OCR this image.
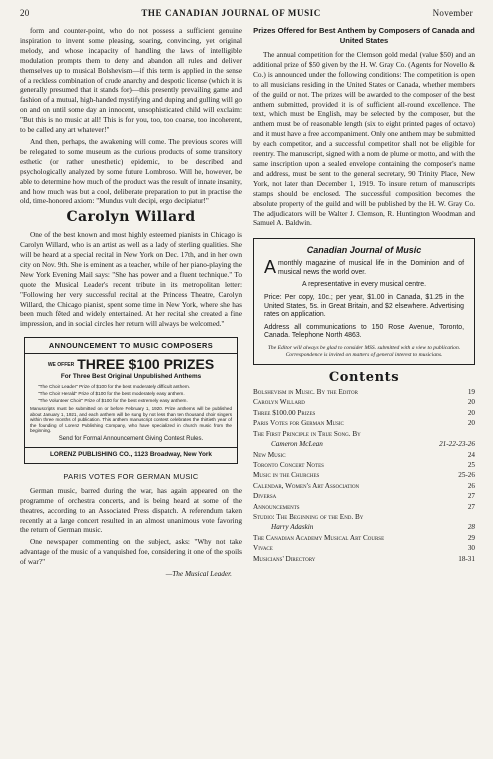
20	THE CANADIAN JOURNAL OF MUSIC	November

form and counter-point, who do not possess a sufficient genuine inspiration to invent some pleasing, soaring, convincing, yet original melody, and whose incapacity of handling the laws of intelligible modulation prompts them to deny and abandon all rules and deliver themselves up to musical Bolshevism—if this term is applied in the sense of a reckless combination of crude anarchy and despotic license (which it is generally presumed that it stands for)—this presently prevailing game and fashion of a mutual, high-handed mystifying and duping and gulling will go on and on until some day an innocent, unsophisticated child will exclaim: "But this is no music at all! This is for you, too, too coarse, too incoherent, to be called any art whatever!"

And then, perhaps, the awakening will come. The previous scores will be relegated to some museum as the curious products of some transitory esthetic (or rather unesthetic) epidemic, to be described and psychologically analyzed by some future Lombroso. Will he, however, be able to determine how much of the product was the result of innate insanity, and how much was but a cool, deliberate preparation to put in practise the old, time-honored axiom: "Mundus vult decipi, ergo decipiatur!"

Carolyn Willard

One of the best known and most highly esteemed pianists in Chicago is Carolyn Willard, who is an artist as well as a lady of sterling qualities. She will be heard at a special recital in New York on Dec. 17th, and in her own city on Nov. 9th. She is eminent as a teacher, while of her piano-playing the New York Evening Mail says: "She has power and a fluent technique." To quote the Musical Leader's recent tribute in its metropolitan letter: "Following her very successful recital at the Princess Theatre, Carolyn Willard, the Chicago pianist, spent some time in New York, where she has been much fêted and widely entertained. At her recital she created a fine impression, and in social circles her return will always be welcomed."

ANNOUNCEMENT TO MUSIC COMPOSERS
WE OFFER THREE $100 PRIZES
For Three Best Original Unpublished Anthems
"The Choir Leader" Prize of $100 for the best moderately difficult anthem.
"The Choir Herald" Prize of $100 for the best moderately easy anthem.
"The Volunteer Choir" Prize of $100 for the best extremely easy anthem.
Manuscripts must be submitted on or before February 1, 1920. Prize anthems will be published about January 1, 1921, and each anthem will be sung by not less than ten thousand choir singers within three months of publication. This anthem manuscript contest celebrates the thirtieth year of the founding of Lorenz Publishing Company, who have specialized in church music from the beginning.
Send for Formal Announcement Giving Contest Rules.
LORENZ PUBLISHING CO., 1123 Broadway, New York
PARIS VOTES FOR GERMAN MUSIC

German music, barred during the war, has again appeared on the programme of orchestra concerts, and is being heard at some of the theatres, according to an Associated Press dispatch. A referendum taken recently at a large concert resulted in an almost unanimous vote favoring the return of German music.

One newspaper commenting on the subject, asks: "Why not take advantage of the music of a vanquished foe, considering it one of the spoils of war?"

—The Musical Leader.
Prizes Offered for Best Anthem by Composers of Canada and United States

The annual competition for the Clemson gold medal (value $50) and an additional prize of $50 given by the H. W. Gray Co. (Agents for Novello & Co.) is announced under the following conditions: The competition is open to all musicians residing in the United States or Canada, whether members of the guild or not. The prizes will be awarded to the composer of the best anthem submitted, provided it is of sufficient all-round excellence. The text, which must be English, may be selected by the composer, but the anthem must be of reasonable length (six to eight printed pages of octavo) and it must have a free accompaniment. Only one anthem may be submitted by each competitor, and a successful competitor shall not be eligible for reentry. The manuscript, signed with a nom de plume or motto, and with the same inscription upon a sealed envelope containing the composer's name and address, must be sent to the general secretary, 90 Trinity Place, New York, not later than December 1, 1919. To insure return of manuscripts stamps should be enclosed. The successful composition becomes the absolute property of the guild and will be published by the H. W. Gray Co. The adjudicators will be Walter J. Clemson, R. Huntington Woodman and Samuel A. Baldwin.

Canadian Journal of Music

Amonthly magazine of musical life in the Dominion and of musical news the world over.

A representative in every musical centre.

Price: Per copy, 10c.; per year, $1.00 in Canada, $1.25 in the United States, 5s. in Great Britain, and $2 elsewhere. Advertising rates on application.

Address all communications to 150 Rose Avenue, Toronto, Canada. Telephone North 4863.

The Editor will always be glad to consider MSS. submitted with a view to publication. Correspondence is invited on matters of general interest to musicians.
Contents
Bolshevism in Music. By the Editor	19
Carolyn Willard	20
Three $100.00 Prizes	20
Paris Votes for German Music	20
The First Principle in True Song. By
Cameron McLean	21-22-23-26
New Music	24
Toronto Concert Notes	25
Music in the Churches	25-26
Calendar, Women's Art Association	26
Diversa	27
Announcements	27
Studio: The Beginning of the End. By
Harry Adaskin	28
The Canadian Academy Musical Art Course	29
Vivace	30
Musicians' Directory	18-31
